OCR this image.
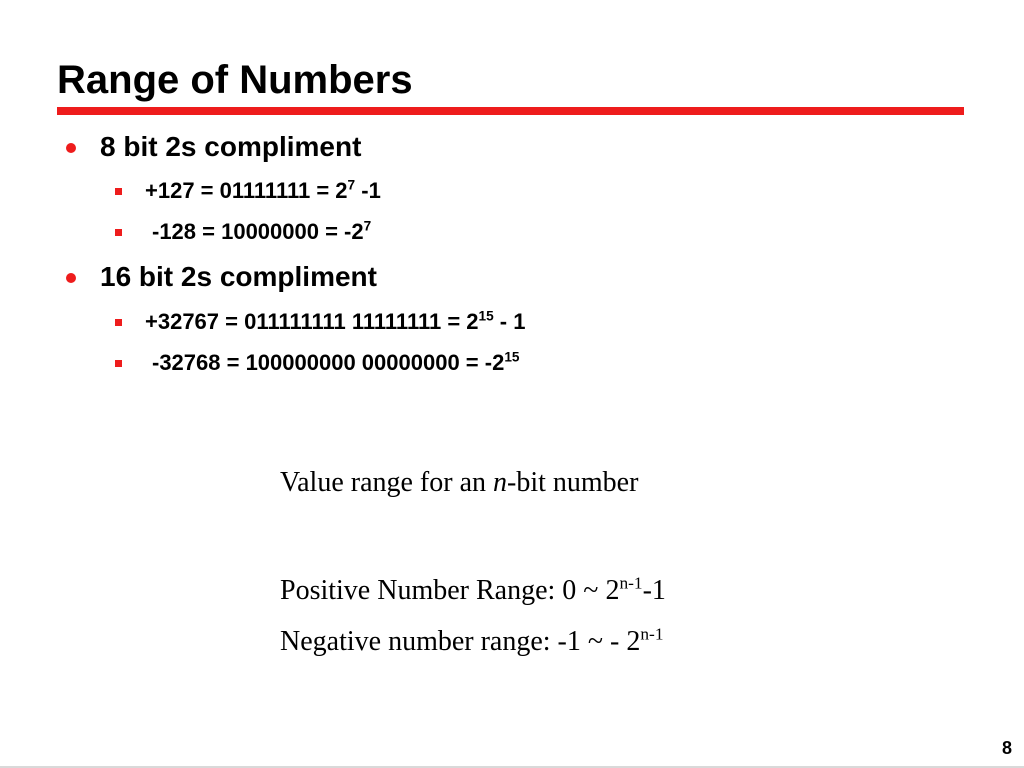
Range of Numbers
8 bit 2s compliment
$+127 = 01111111 = 2^7$ -1
$-128 = 10000000 = -2^7$
16 bit 2s compliment
+32767 = 011111111 $11111111 = 2^{15} - 1$
-32768 = 100000000 $00000000 = -2^{15}$
Value range for an n-bit number
Positive Number Range: 0 ~ 2$^{n-1}$-1
Negative number range: -1 ~ - 2$^{n-1}$
8
